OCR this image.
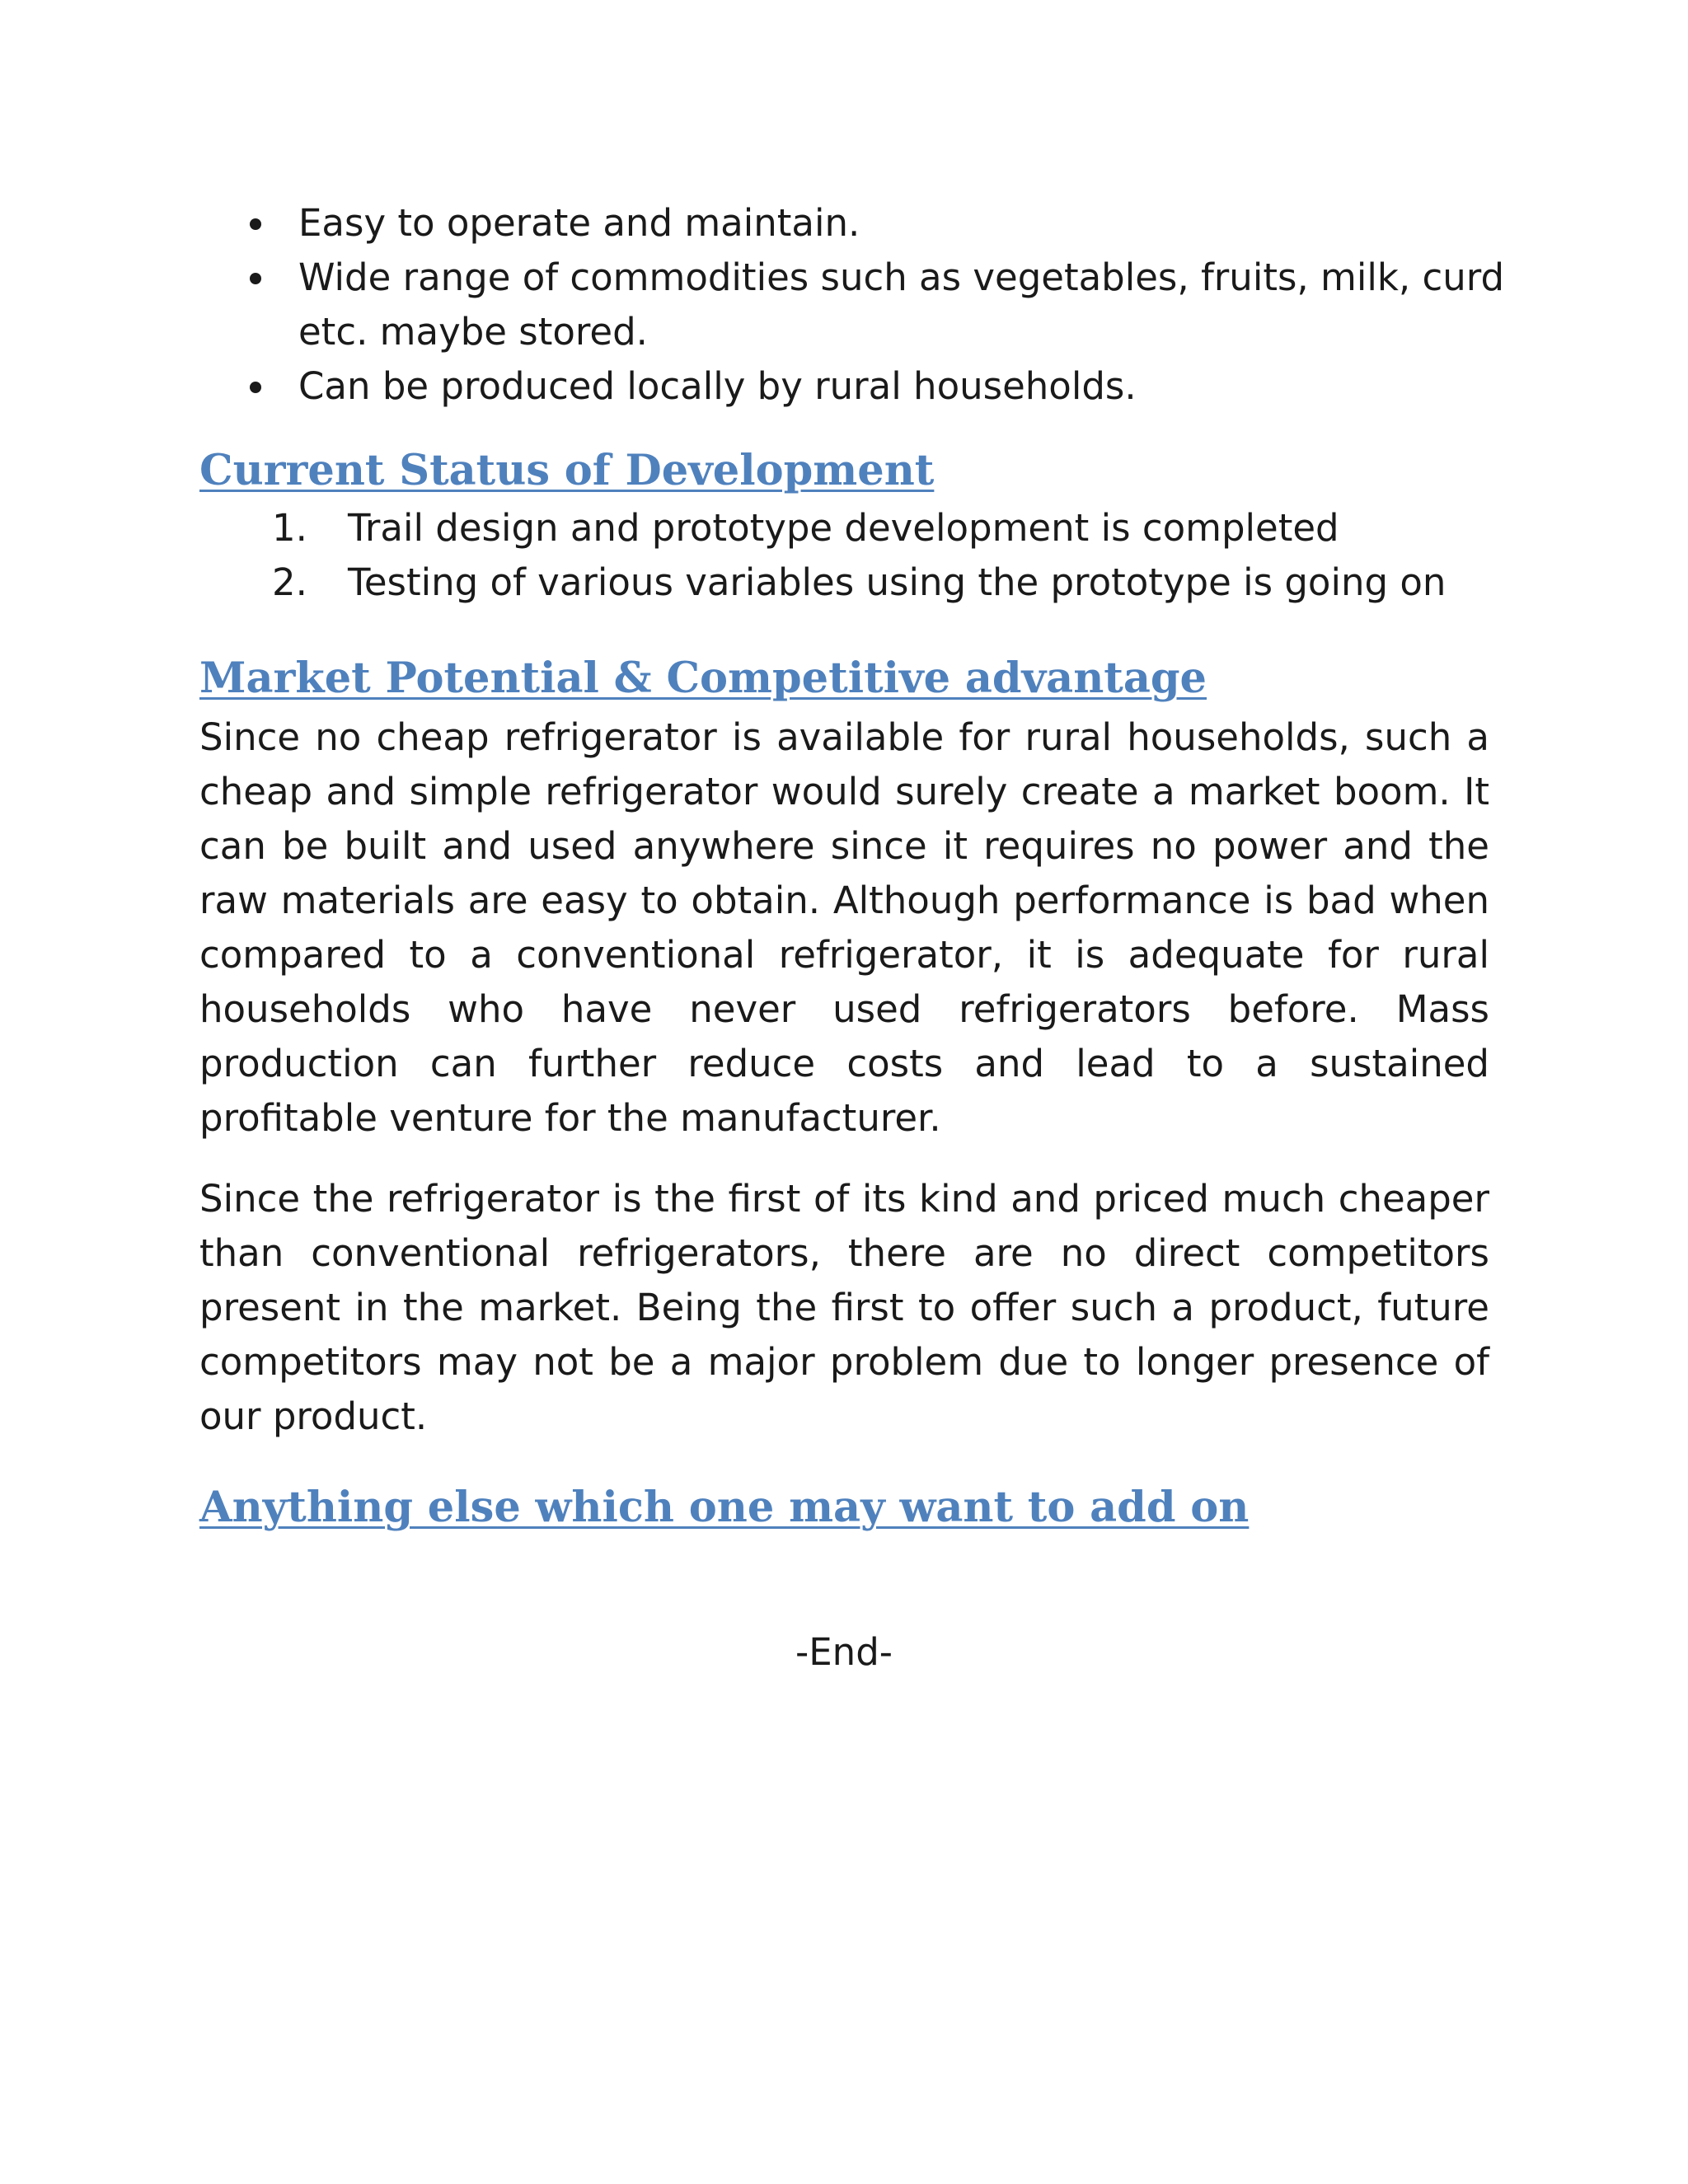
Easy to operate and maintain.
Wide range of commodities such as vegetables, fruits, milk, curd etc. maybe stored.
Can be produced locally by rural households.
Current Status of Development
1. Trail design and prototype development is completed
2. Testing of various variables using the prototype is going on
Market Potential & Competitive advantage

Since no cheap refrigerator is available for rural households, such a cheap and simple refrigerator would surely create a market boom. It can be built and used anywhere since it requires no power and the raw materials are easy to obtain. Although performance is bad when compared to a conventional refrigerator, it is adequate for rural households who have never used refrigerators before. Mass production can further reduce costs and lead to a sustained profitable venture for the manufacturer.

Since the refrigerator is the first of its kind and priced much cheaper than conventional refrigerators, there are no direct competitors present in the market. Being the first to offer such a product, future competitors may not be a major problem due to longer presence of our product.

Anything else which one may want to add on
-End-
